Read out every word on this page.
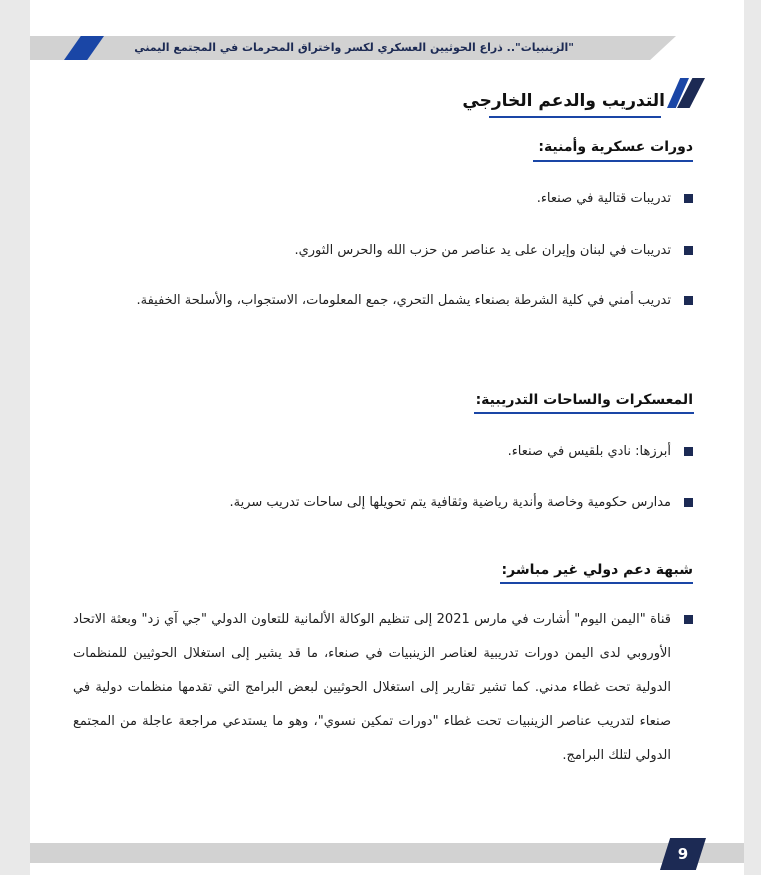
"الزينبيات".. ذراع الحوثيين العسكري لكسر واختراق المحرمات في المجتمع اليمني
التدريب والدعم الخارجي
دورات عسكرية وأمنية:
تدريبات قتالية في صنعاء.
تدريبات في لبنان وإيران على يد عناصر من حزب الله والحرس الثوري.
تدريب أمني في كلية الشرطة بصنعاء يشمل التحري، جمع المعلومات، الاستجواب، والأسلحة الخفيفة.
المعسكرات والساحات التدريبية:
أبرزها: نادي بلقيس في صنعاء.
مدارس حكومية وخاصة وأندية رياضية وثقافية يتم تحويلها إلى ساحات تدريب سرية.
شبهة دعم دولي غير مباشر:
قناة "اليمن اليوم" أشارت في مارس 2021 إلى تنظيم الوكالة الألمانية للتعاون الدولي "جي آي زد" وبعثة الاتحاد الأوروبي لدى اليمن دورات تدريبية لعناصر الزينبيات في صنعاء، ما قد يشير إلى استغلال الحوثيين للمنظمات الدولية تحت غطاء مدني. كما تشير تقارير إلى استغلال الحوثيين لبعض البرامج التي تقدمها منظمات دولية في صنعاء لتدريب عناصر الزينبيات تحت غطاء "دورات تمكين نسوي"، وهو ما يستدعي مراجعة عاجلة من المجتمع الدولي لتلك البرامج.
9
